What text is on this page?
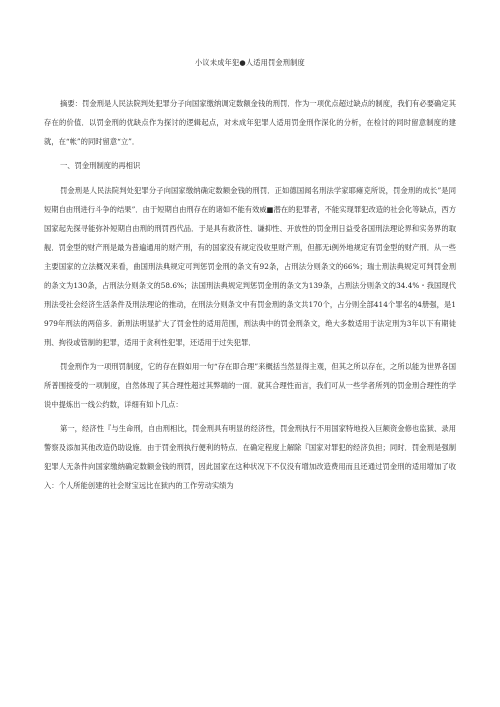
小议未成年犯●人适用罚金刑制度

摘要：罚金刑是人民法院判处犯罪分子向国家缴纳调定数额金钱的刑罚．作为一项优点超过缺点的制度，我们有必要确定其存在的价值．以罚金刑的优缺点作为探讨的逻辑起点，对未成年犯罪人适用罚金刑作深化的分析，在检讨的同时留意制度的建就，在“帐”的同时留意“立”．

一、罚金刑制度的再相识

罚金刑是人民法院判处犯罪分子向国家缴纳确定数额金钱的刑罚．正如德国闻名刑法学家耶瘫克所说，罚金刑的成长”是同短期自由刑进行斗争的结果”．由于短期自由刑存在的诸如不能有效威■潜在的犯罪者，不能实现罪犯改造的社会化等缺点，西方国家起先探寻能弥补短期自由刑的刑罚西代品．于是具有救济性、谦抑性、开放性的罚金刑日益受各国刑法理论界和实务界的取舰．罚金型的财产刑是最为普遍通用的财产刑，有的国家没有规定没收里财产刑，但都无i例外地规定有罚金型的财产刑．从一些主要国家的立法概况来看，曲国刑法典规定可判惩罚金刑的条文有92条，占刑法分则条文的66%；瑞士刑法典规定可判罚金刑的条文为130条，占刑法分则条文的58.6%；法国刑法典规定判惩罚金刑的条文为139条，占刑法分则条文的34.4%・我国现代刑法受社会经济生活条件及刑法理论的推动，在刑法分则条文中有罚金刑的条文共170个，占分则全部414个罪名的4册强，是1979年刑法的两倍多．新刑法明显扩大了罚金性的适用范围，刑法典中的罚金刑条文，绝大多数适用于法定刑为3年以下有期徒刑、拘役或管制的犯罪，适用于贪利性犯罪，还适用于过失犯罪．

罚金刑作为一项刑罚制度，它的存在假如用一句“存在即合理”来概括当然显得主观，但其之所以存在，之所以能为世界各国所普围接受的一项制度，自然体现了其合理性超过其弊端的一面．就其合理性而言，我们可从一些学者所列的罚金刑合理性的学说中提炼出一线公约数，详细有如卜几点：

第一，经济性『与生命刑，自由刑相比，罚金刑具有明显的经济性，罚金刑执行不用国家特地投入巨额资金修也监狱、录用警察及添加其他改造仍助设施．由于罚金刑执行便利的特点．在确定程度上解除『国家对罪犯的经济负担；同时．罚金刑是强制犯罪人无条件向国家缴纳确定数额金钱的刑罚，因此国家在这种状况下不仅没有增加改造费用而且还通过罚金刑的适用增加了收入：个人所能创建的社会财宝远比在狱内的工作劳动实绩为
